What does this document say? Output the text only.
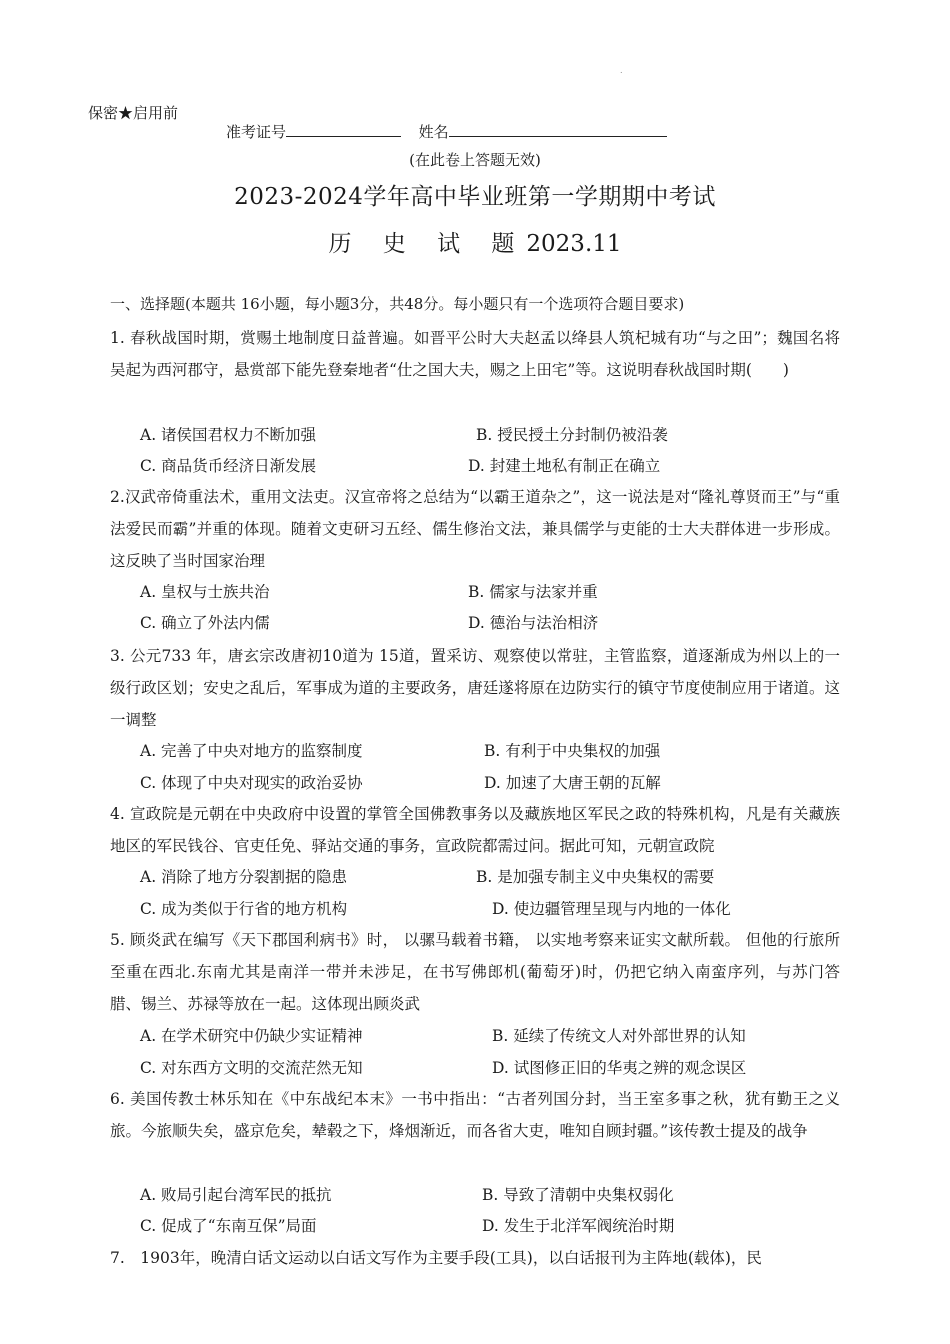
.
保密★启用前
准考证号	姓名
(在此卷上答题无效)
2023-2024学年高中毕业班第一学期期中考试
历 史 试 题2023.11
一、选择题(本题共 16小题，每小题3分，共48分。每小题只有一个选项符合题目要求)
1. 春秋战国时期，赏赐土地制度日益普遍。如晋平公时大夫赵孟以绛县人筑杞城有功“与之田”；魏国名将吴起为西河郡守，悬赏部下能先登秦地者“仕之国大夫，赐之上田宅”等。这说明春秋战国时期(　　)
A. 诸侯国君权力不断加强	B. 授民授土分封制仍被沿袭
C. 商品货币经济日渐发展	D. 封建土地私有制正在确立
2.汉武帝倚重法术，重用文法吏。汉宣帝将之总结为“以霸王道杂之”，这一说法是对“隆礼尊贤而王”与“重法爱民而霸”并重的体现。随着文吏研习五经、儒生修治文法，兼具儒学与吏能的士大夫群体进一步形成。这反映了当时国家治理
A. 皇权与士族共治	B. 儒家与法家并重
C. 确立了外法内儒	D. 德治与法治相济
3. 公元733 年，唐玄宗改唐初10道为 15道，置采访、观察使以常驻，主管监察，道逐渐成为州以上的一级行政区划；安史之乱后，军事成为道的主要政务，唐廷遂将原在边防实行的镇守节度使制应用于诸道。这一调整
A. 完善了中央对地方的监察制度	B. 有利于中央集权的加强
C. 体现了中央对现实的政治妥协	D. 加速了大唐王朝的瓦解
4. 宣政院是元朝在中央政府中设置的掌管全国佛教事务以及藏族地区军民之政的特殊机构，凡是有关藏族地区的军民钱谷、官吏任免、驿站交通的事务，宣政院都需过问。据此可知，元朝宣政院
A. 消除了地方分裂割据的隐患	B. 是加强专制主义中央集权的需要
C. 成为类似于行省的地方机构	D. 使边疆管理呈现与内地的一体化
5. 顾炎武在编写《天下郡国利病书》时， 以骡马载着书籍， 以实地考察来证实文献所载。 但他的行旅所至重在西北.东南尤其是南洋一带并未涉足，在书写佛郎机(葡萄牙)时，仍把它纳入南蛮序列，与苏门答腊、锡兰、苏禄等放在一起。这体现出顾炎武
A. 在学术研究中仍缺少实证精神	B. 延续了传统文人对外部世界的认知
C. 对东西方文明的交流茫然无知	D. 试图修正旧的华夷之辨的观念误区
6. 美国传教士林乐知在《中东战纪本末》一书中指出：“古者列国分封，当王室多事之秋，犹有勤王之义旅。今旅顺失矣，盛京危矣，辇毂之下，烽烟渐近，而各省大吏，唯知自顾封疆。”该传教士提及的战争
A. 败局引起台湾军民的抵抗	B. 导致了清朝中央集权弱化
C. 促成了“东南互保”局面	D. 发生于北洋军阀统治时期
7.　1903年，晚清白话文运动以白话文写作为主要手段(工具)，以白话报刊为主阵地(载体)，民
